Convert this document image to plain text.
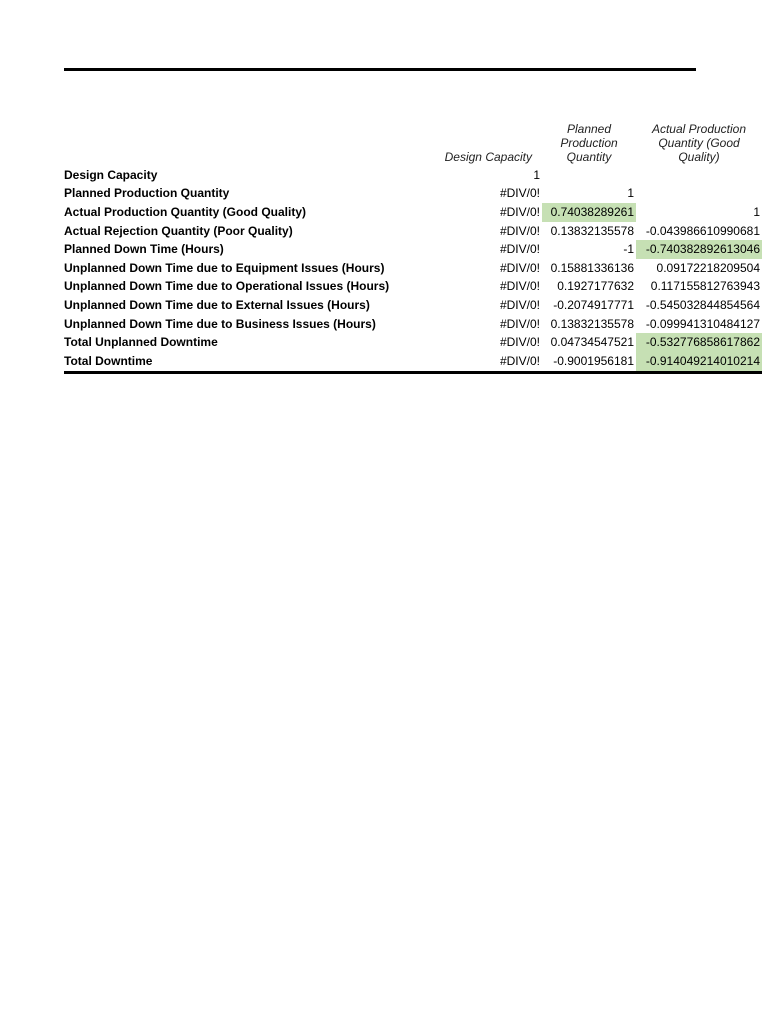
	Design Capacity	Planned Production Quantity	Actual Production Quantity (Good Quality)
Design Capacity	1		
Planned Production Quantity	#DIV/0!	1	
Actual Production Quantity (Good Quality)	#DIV/0!	0.74038289261	1
Actual Rejection Quantity (Poor Quality)	#DIV/0!	0.13832135578	-0.043986610990681
Planned Down Time (Hours)	#DIV/0!	-1	-0.740382892613046
Unplanned Down Time due to Equipment Issues (Hours)	#DIV/0!	0.15881336136	0.09172218209504
Unplanned Down Time due to Operational Issues (Hours)	#DIV/0!	0.1927177632	0.117155812763943
Unplanned Down Time due to External Issues (Hours)	#DIV/0!	-0.2074917771	-0.545032844854564
Unplanned Down Time due to Business Issues (Hours)	#DIV/0!	0.13832135578	-0.099941310484127
Total Unplanned Downtime	#DIV/0!	0.04734547521	-0.532776858617862
Total Downtime	#DIV/0!	-0.9001956181	-0.914049214010214
